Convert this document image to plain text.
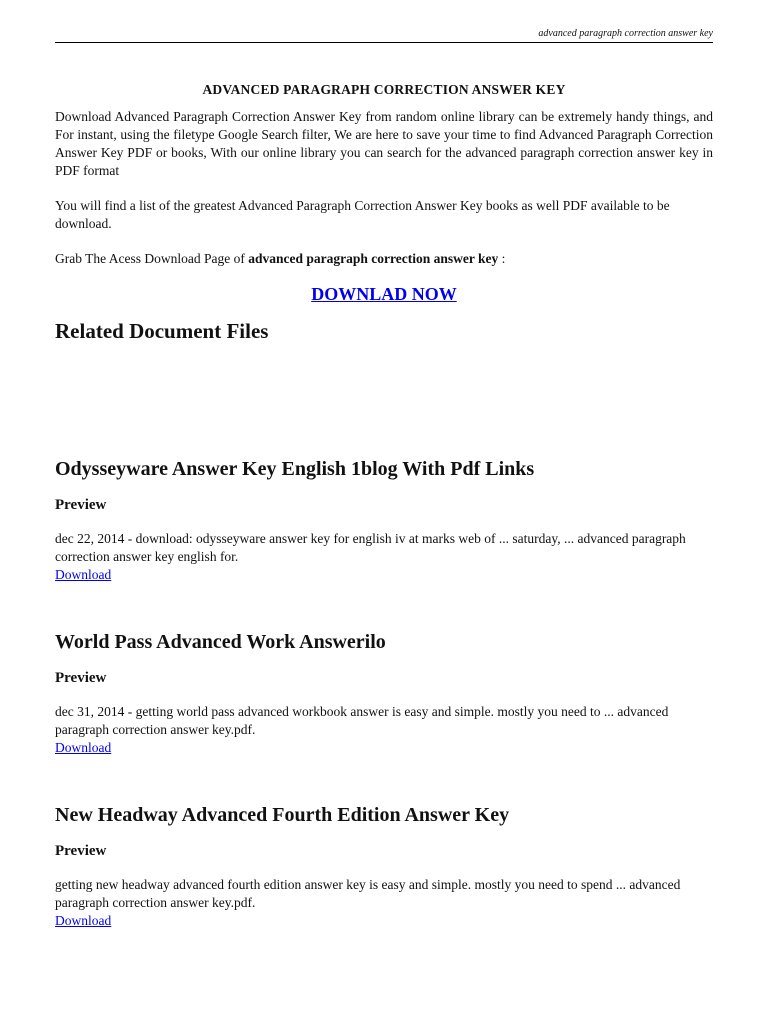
advanced paragraph correction answer key
ADVANCED PARAGRAPH CORRECTION ANSWER KEY

Download Advanced Paragraph Correction Answer Key from random online library can be extremely handy things, and For instant, using the filetype Google Search filter, We are here to save your time to find Advanced Paragraph Correction Answer Key PDF or books, With our online library you can search for the advanced paragraph correction answer key in PDF format

You will find a list of the greatest Advanced Paragraph Correction Answer Key books as well PDF available to be download.

Grab The Acess Download Page of advanced paragraph correction answer key :

DOWNLAD NOW
Related Document Files
Odysseyware Answer Key English 1blog With Pdf Links
Preview

dec 22, 2014 - download: odysseyware answer key for english iv at marks web of ... saturday, ... advanced paragraph correction answer key english for.

Download
World Pass Advanced Work Answerilo
Preview

dec 31, 2014 - getting world pass advanced workbook answer is easy and simple. mostly you need to ... advanced paragraph correction answer key.pdf.

Download
New Headway Advanced Fourth Edition Answer Key
Preview

getting new headway advanced fourth edition answer key is easy and simple. mostly you need to spend ... advanced paragraph correction answer key.pdf.

Download
